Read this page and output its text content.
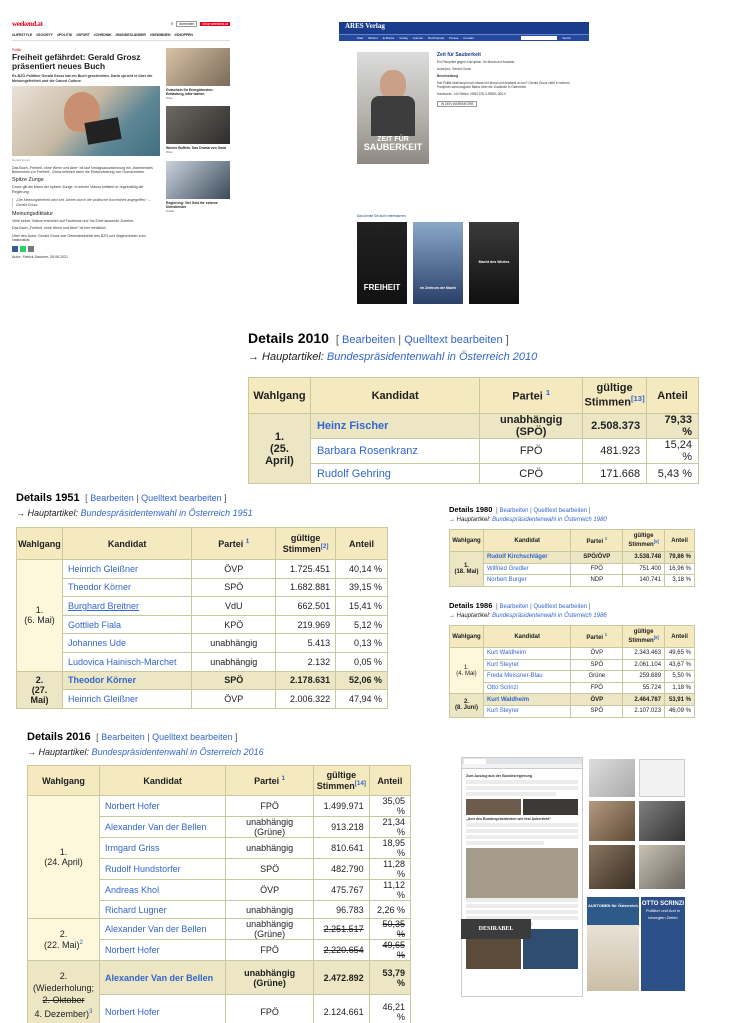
weekend.at	⚲	Anmelden	shop.weekend.at
#LIFESTYLE #SOCIETY #POLITIK #SPORT #CHRONIK #BUNDESLÄNDER #GEWINNEN #SHOPPEN
Politik
Freiheit gefährdet: Gerald Grosz präsentiert neues Buch

Ex-BZÖ-Politiker Gerald Grosz hat ein Buch geschrieben. Darin spricht er über die Meinungsfreiheit und die Cancel Culture.

Gerald Grosz

Das Buch „Freiheit, ohne Wenn und Aber“ ist laut Verlagsauszeichnung ein „flammendes Bekenntnis zur Freiheit“. Grosz kritisiert darin die Einschränkung von Grundrechten.

Spitze Zunge

Grosz gilt als Mann der spitzen Zunge. In seinen Videos kritisiert er regelmäßig die Regierung.

„Die Meinungsfreiheit wird seit Jahren durch die politische Korrektheit angegriffen.“ – Gerald Grosz
Meinungsdiktatur

Viele seiner Videos erreichen auf Facebook und YouTube tausende Zuseher.

Das Buch „Freiheit, ohne Wenn und Aber“ ist hier erhältlich.

Über den Autor: Gerald Grosz war Generalsekretär des BZÖ und Abgeordneter zum Nationalrat.

Autor: Patrick Dautzen, 28.06.2021

Gutschein für Energiekosten: Entlastung, bitte warten
Wien
Wiener Buffets: Das Drama von Omai
Wien
Regierung: Viel Geld für externe Dienstleister
Politik
ARES Verlag
Start Bücher E-Books Verlag Autoren Buchhandel Presse Kontakt	Suche
ZEIT FÜR
SAUBERKEIT
Zeit für Sauberkeit

Ein Pamphlet gegen Korruption, für Moral und Anstand

Autor(en): Gerald Grosz

Beschreibung

Hat Politik überhaupt noch etwas mit Moral und Anstand zu tun? Gerald Grosz zieht in seinem Pamphlet schonungslos Bilanz über die Zustände in Österreich.

Hardcover, 144 Seiten, ISBN 978-3-99081-000-0

IN DEN WARENKORB
Das könnte Sie auch interessieren:
FREIHEIT	Im Zentrum der Macht
Macht des Wortes
Details 2010  [ Bearbeiten | Quelltext bearbeiten ]
→ Hauptartikel: Bundespräsidentenwahl in Österreich 2010
Wahlgang	Kandidat	Partei $^1$	gültige Stimmen[13]	Anteil
1.
(25. April)	Heinz Fischer	unabhängig (SPÖ)	2.508.373	79,33 %
	Barbara Rosenkranz	FPÖ	481.923	15,24 %
	Rudolf Gehring	CPÖ	171.668	5,43 %
Details 1951  [ Bearbeiten | Quelltext bearbeiten ]
→ Hauptartikel: Bundespräsidentenwahl in Österreich 1951
Wahlgang	Kandidat	Partei $^1$	gültige Stimmen[2]	Anteil
1.
(6. Mai)	Heinrich Gleißner	ÖVP	1.725.451	40,14 %
	Theodor Körner	SPÖ	1.682.881	39,15 %
	Burghard Breitner	VdU	662.501	15,41 %
	Gottlieb Fiala	KPÖ	219.969	5,12 %
	Johannes Ude	unabhängig	5.413	0,13 %
	Ludovica Hainisch-Marchet	unabhängig	2.132	0,05 %
2.
(27. Mai)	Theodor Körner	SPÖ	2.178.631	52,06 %
	Heinrich Gleißner	ÖVP	2.006.322	47,94 %
Details 1980  [ Bearbeiten | Quelltext bearbeiten ]
→ Hauptartikel: Bundespräsidentenwahl in Österreich 1980
Wahlgang	Kandidat	Partei $^1$	gültige Stimmen[5]	Anteil
1.
(18. Mai)	Rudolf Kirchschläger	SPÖ/ÖVP	3.538.748	79,86 %
	Wilfried Gredler	FPÖ	751.400	16,96 %
	Norbert Burger	NDP	140.741	3,18 %
Details 1986  [ Bearbeiten | Quelltext bearbeiten ]
→ Hauptartikel: Bundespräsidentenwahl in Österreich 1986
Wahlgang	Kandidat	Partei $^1$	gültige Stimmen[6]	Anteil
1.
(4. Mai)	Kurt Waldheim	ÖVP	2.343.463	49,65 %
	Kurt Steyrer	SPÖ	2.061.104	43,67 %
	Freda Meissner-Blau	Grüne	259.689	5,50 %
	Otto Scrinzi	FPÖ	55.724	1,18 %
2.
(8. Juni)	Kurt Waldheim	ÖVP	2.464.787	53,91 %
	Kurt Steyrer	SPÖ	2.107.023	46,09 %
Details 2016  [ Bearbeiten | Quelltext bearbeiten ]
→ Hauptartikel: Bundespräsidentenwahl in Österreich 2016
Wahlgang	Kandidat	Partei $^1$	gültige Stimmen[14]	Anteil
1.
(24. April)	Norbert Hofer	FPÖ	1.499.971	35,05 %
	Alexander Van der Bellen	unabhängig (Grüne)	913.218	21,34 %
	Irmgard Griss	unabhängig	810.641	18,95 %
	Rudolf Hundstorfer	SPÖ	482.790	11,28 %
	Andreas Khol	ÖVP	475.767	11,12 %
	Richard Lugner	unabhängig	96.783	2,26 %
2.
(22. Mai)$^2$	Alexander Van der Bellen	unabhängig (Grüne)	2.251.517	50,35 %
	Norbert Hofer	FPÖ	2.220.654	49,65 %
2.
(Wiederholung;
2. Oktober
4. Dezember)$^3$	Alexander Van der Bellen	unabhängig (Grüne)	2.472.892	53,79 %
	Norbert Hofer	FPÖ	2.124.661	46,21 %
Zum Auszug aus der Bundesregierung
„Amt des Bundespräsidenten wie fest Asbertieht“
AUSTOBEN für Österreich OTTO SCRINZI
Politiker und Arzt in bewegten Zeiten
DESIRABEL
